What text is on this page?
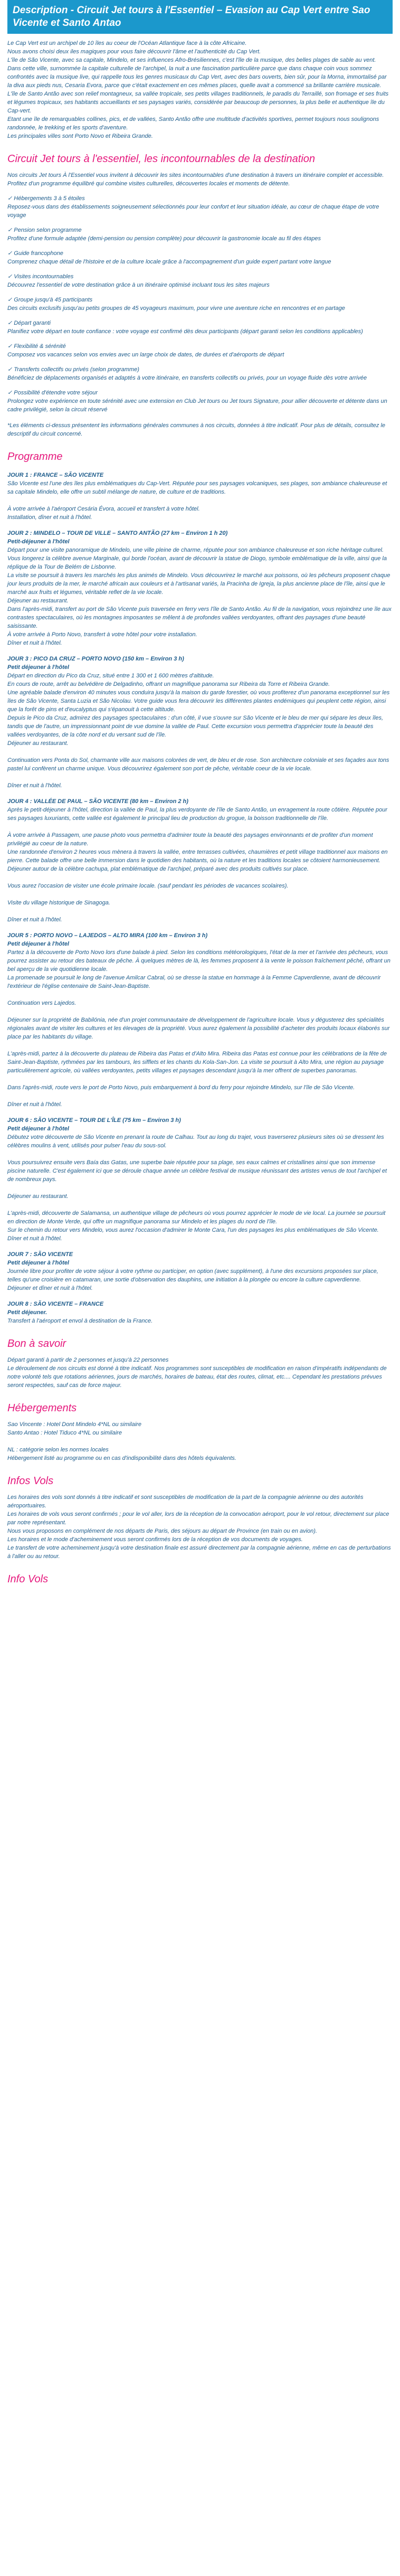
Description - Circuit Jet tours à l'Essentiel – Evasion au Cap Vert entre Sao Vicente et Santo Antao
Le Cap Vert est un archipel de 10 îles au coeur de l'Océan Atlantique face à la côte Africaine.
Nous avons choisi deux iles magiques pour vous faire découvrir l'âme et l'authenticité du Cap Vert.
L'île de São Vicente, avec sa capitale, Mindelo, et ses influences Afro-Brésiliennes, c'est l'île de la musique, des belles plages de sable au vent.
Dans cette ville, surnommée la capitale culturelle de l'archipel, la nuit a une fascination particulière parce que dans chaque coin vous sommez confrontés avec la musique live, qui rappelle tous les genres musicaux du Cap Vert, avec des bars ouverts, bien sûr, pour la Morna, immortalisé par la diva aux pieds nus, Cesaria Evora, parce que c'était exactement en ces mêmes places, quelle avait a commencé sa brillante carrière musicale.
L'île de Santo Antão avec son relief montagneux, sa vallée tropicale, ses petits villages traditionnels, le paradis du Terraillé, son fromage et ses fruits et légumes tropicaux, ses habitants accueillants et ses paysages variés, considérée par beaucoup de personnes, la plus belle et authentique île du Cap-vert.
Etant une île de remarquables collines, pics, et de vallées, Santo Antão offre une multitude d'activités sportives, permet toujours nous soulignons randonnée, le trekking et les sports d'aventure.
Les principales villes sont Porto Novo et Ribeira Grande.
Circuit Jet tours à l'essentiel, les incontournables de la destination
Nos circuits Jet tours À l'Essentiel vous invitent à découvrir les sites incontournables d'une destination à travers un itinéraire complet et accessible. Profitez d'un programme équilibré qui combine visites culturelles, découvertes locales et moments de détente.
✓ Hébergements 3 à 5 étoiles
Reposez-vous dans des établissements soigneusement sélectionnés pour leur confort et leur situation idéale, au cœur de chaque étape de votre voyage
✓ Pension selon programme
Profitez d'une formule adaptée (demi-pension ou pension complète) pour découvrir la gastronomie locale au fil des étapes
✓ Guide francophone
Comprenez chaque détail de l'histoire et de la culture locale grâce à l'accompagnement d'un guide expert partant votre langue
✓ Visites incontournables
Découvrez l'essentiel de votre destination grâce à un itinéraire optimisé incluant tous les sites majeurs
✓ Groupe jusqu'à 45 participants
Des circuits exclusifs jusqu'au petits groupes de 45 voyageurs maximum, pour vivre une aventure riche en rencontres et en partage
✓ Départ garanti
Planifiez votre départ en toute confiance : votre voyage est confirmé dès deux participants (départ garanti selon les conditions applicables)
✓ Flexibilité & sérénité
Composez vos vacances selon vos envies avec un large choix de dates, de durées et d'aéroports de départ
✓ Transferts collectifs ou privés (selon programme)
Bénéficiez de déplacements organisés et adaptés à votre itinéraire, en transferts collectifs ou privés, pour un voyage fluide dès votre arrivée
✓ Possibilité d'étendre votre séjour
Prolongez votre expérience en toute sérénité avec une extension en Club Jet tours ou Jet tours Signature, pour allier découverte et détente dans un cadre privilégié, selon la circuit réservé
*Les éléments ci-dessus présentent les informations générales communes à nos circuits, données à titre indicatif. Pour plus de détails, consultez le descriptif du circuit concerné.
Programme
JOUR 1 : FRANCE – SÃO VICENTE
São Vicente est l'une des îles plus emblématiques du Cap-Vert. Réputée pour ses paysages volcaniques, ses plages, son ambiance chaleureuse et sa capitale Mindelo, elle offre un subtil mélange de nature, de culture et de traditions.

À votre arrivée à l'aéroport Cesária Évora, accueil et transfert à votre hôtel.
Installation, dîner et nuit à l'hôtel.
JOUR 2 : MINDELO – TOUR DE VILLE – SANTO ANTÃO (27 km – Environ 1 h 20)
Petit-déjeuner à l'hôtel
Départ pour une visite panoramique de Mindelo, une ville pleine de charme, réputée pour son ambiance chaleureuse et son riche héritage culturel. Vous longerez la célèbre avenue Marginale, qui borde l'océan, avant de découvrir la statue de Diogo, symbole emblématique de la ville, ainsi que la réplique de la Tour de Belém de Lisbonne.
La visite se poursuit à travers les marchés les plus animés de Mindelo. Vous découvrirez le marché aux poissons, où les pêcheurs proposent chaque jour leurs produits de la mer, le marché africain aux couleurs et à l'artisanat variés, la Pracinha de Igreja, la plus ancienne place de l'île, ainsi que le marché aux fruits et légumes, véritable reflet de la vie locale.
Déjeuner au restaurant.
Dans l'après-midi, transfert au port de São Vicente puis traversée en ferry vers l'île de Santo Antão. Au fil de la navigation, vous rejoindrez une île aux contrastes spectaculaires, où les montagnes imposantes se mêlent à de profondes vallées verdoyantes, offrant des paysages d'une beauté saisissante.
À votre arrivée à Porto Novo, transfert à votre hôtel pour votre installation.
Dîner et nuit à l'hôtel.
JOUR 3 : PICO DA CRUZ – PORTO NOVO (150 km – Environ 3 h)
Petit déjeuner à l'hôtel
Départ en direction du Pico da Cruz, situé entre 1 300 et 1 600 mètres d'altitude.
En cours de route, arrêt au belvédère de Delgadinho, offrant un magnifique panorama sur Ribeira da Torre et Ribeira Grande.
Une agréable balade d'environ 40 minutes vous conduira jusqu'à la maison du garde forestier, où vous profiterez d'un panorama exceptionnel sur les îles de São Vicente, Santa Luzia et São Nicolau. Votre guide vous fera découvrir les différentes plantes endémiques qui peuplent cette région, ainsi que la forêt de pins et d'eucalyptus qui s'épanouit à cette altitude.
Depuis le Pico da Cruz, admirez des paysages spectaculaires : d'un côté, il vue s'ouvre sur São Vicente et le bleu de mer qui sépare les deux îles, tandis que de l'autre, un impressionnant point de vue domine la vallée de Paul. Cette excursion vous permettra d'apprécier toute la beauté des vallées verdoyantes, de la côte nord et du versant sud de l'île.
Déjeuner au restaurant.

Continuation vers Ponta do Sol, charmante ville aux maisons colorées de vert, de bleu et de rose. Son architecture coloniale et ses façades aux tons pastel lui confèrent un charme unique. Vous découvrirez également son port de pêche, véritable coeur de la vie locale.

Dîner et nuit à l'hôtel.
JOUR 4 : VALLÉE DE PAUL – SÃO VICENTE (80 km – Environ 2 h)
Après le petit-déjeuner à l'hôtel, direction la vallée de Paul, la plus verdoyante de l'île de Santo Antão, un enragement la route côtière. Réputée pour ses paysages luxuriants, cette vallée est également le principal lieu de production du grogue, la boisson traditionnelle de l'île.

À votre arrivée à Passagem, une pause photo vous permettra d'admirer toute la beauté des paysages environnants et de profiter d'un moment privilégié au coeur de la nature.
Une randonnée d'environ 2 heures vous mènera à travers la vallée, entre terrasses cultivées, chaumières et petit village traditionnel aux maisons en pierre. Cette balade offre une belle immersion dans le quotidien des habitants, où la nature et les traditions locales se côtoient harmonieusement.
Déjeuner autour de la célèbre cachupa, plat emblématique de l'archipel, préparé avec des produits cultivés sur place.

Vous aurez l'occasion de visiter une école primaire locale. (sauf pendant les périodes de vacances scolaires).

Visite du village historique de Sinagoga.

Dîner et nuit à l'hôtel.
JOUR 5 : PORTO NOVO – LAJEDOS – ALTO MIRA (100 km – Environ 3 h)
Petit déjeuner à l'hôtel
Partez à la découverte de Porto Novo lors d'une balade à pied. Selon les conditions météorologiques, l'état de la mer et l'arrivée des pêcheurs, vous pourrez assister au retour des bateaux de pêche. À quelques mètres de là, les femmes proposent à la vente le poisson fraîchement pêché, offrant un bel aperçu de la vie quotidienne locale.
La promenade se poursuit le long de l'avenue Amilcar Cabral, où se dresse la statue en hommage à la Femme Capverdienne, avant de découvrir l'extérieur de l'église centenaire de Saint-Jean-Baptiste.

Continuation vers Lajedos.

Déjeuner sur la propriété de Babilónia, née d'un projet communautaire de développement de l'agriculture locale. Vous y dégusterez des spécialités régionales avant de visiter les cultures et les élevages de la propriété. Vous aurez également la possibilité d'acheter des produits locaux élaborés sur place par les habitants du village.

L'après-midi, partez à la découverte du plateau de Ribeira das Patas et d'Alto Mira. Ribeira das Patas est connue pour les célébrations de la fête de Saint-Jean-Baptiste, rythmées par les tambours, les sifflets et les chants du Kola-San-Jon. La visite se poursuit à Alto Mira, une région au paysage particulièrement agricole, où vallées verdoyantes, petits villages et paysages descendant jusqu'à la mer offrent de superbes panoramas.

Dans l'après-midi, route vers le port de Porto Novo, puis embarquement à bord du ferry pour rejoindre Mindelo, sur l'île de São Vicente.

Dîner et nuit à l'hôtel.
JOUR 6 : SÃO VICENTE – TOUR DE L'ÎLE (75 km – Environ 3 h)
Petit déjeuner à l'hôtel
Débutez votre découverte de São Vicente en prenant la route de Calhau. Tout au long du trajet, vous traverserez plusieurs sites où se dressent les célèbres moulins à vent, utilisés pour pulser l'eau du sous-sol.

Vous poursuivrez ensuite vers Baía das Gatas, une superbe baie réputée pour sa plage, ses eaux calmes et cristallines ainsi que son immense piscine naturelle. C'est également ici que se déroule chaque année un célèbre festival de musique réunissant des artistes venus de tout l'archipel et de nombreux pays.

Déjeuner au restaurant.

L'après-midi, découverte de Salamansa, un authentique village de pêcheurs où vous pourrez apprécier le mode de vie local. La journée se poursuit en direction de Monte Verde, qui offre un magnifique panorama sur Mindelo et les plages du nord de l'île.
Sur le chemin du retour vers Mindelo, vous aurez l'occasion d'admirer le Monte Cara, l'un des paysages les plus emblématiques de São Vicente.
Dîner et nuit à l'hôtel.
JOUR 7 : SÃO VICENTE
Petit déjeuner à l'hôtel
Journée libre pour profiter de votre séjour à votre rythme ou participer, en option (avec supplément), à l'une des excursions proposées sur place, telles qu'une croisière en catamaran, une sortie d'observation des dauphins, une initiation à la plongée ou encore la culture capverdienne.
Déjeuner et dîner et nuit à l'hôtel.
JOUR 8 : SÃO VICENTE – FRANCE
Petit déjeuner.
Transfert à l'aéroport et envol à destination de la France.
Bon à savoir
Départ garanti à partir de 2 personnes et jusqu'à 22 personnes
Le déroulement de nos circuits est donné à titre indicatif. Nos programmes sont susceptibles de modification en raison d'impératifs indépendants de notre volonté tels que rotations aériennes, jours de marchés, horaires de bateau, état des routes, climat, etc.... Cependant les prestations prévues seront respectées, sauf cas de force majeur.
Hébergements
Sao Vincente : Hotel Dont Mindelo 4*NL ou similaire
Santo Antao : Hotel Tiduco 4*NL ou similaire

NL : catégorie selon les normes locales
Hébergement listé au programme ou en cas d'indisponibilité dans des hôtels équivalents.
Infos Vols
Les horaires des vols sont donnés à titre indicatif et sont susceptibles de modification de la part de la compagnie aérienne ou des autorités aéroportuaires.
Les horaires de vols vous seront confirmés ; pour le vol aller, lors de la réception de la convocation aéroport, pour le vol retour, directement sur place par notre représentant.
Nous vous proposons en complément de nos départs de Paris, des séjours au départ de Province (en train ou en avion).
Les horaires et le mode d'acheminement vous seront confirmés lors de la réception de vos documents de voyages.
Le transfert de votre acheminement jusqu'à votre destination finale est assuré directement par la compagnie aérienne, même en cas de perturbations à l'aller ou au retour.
Info Vols
